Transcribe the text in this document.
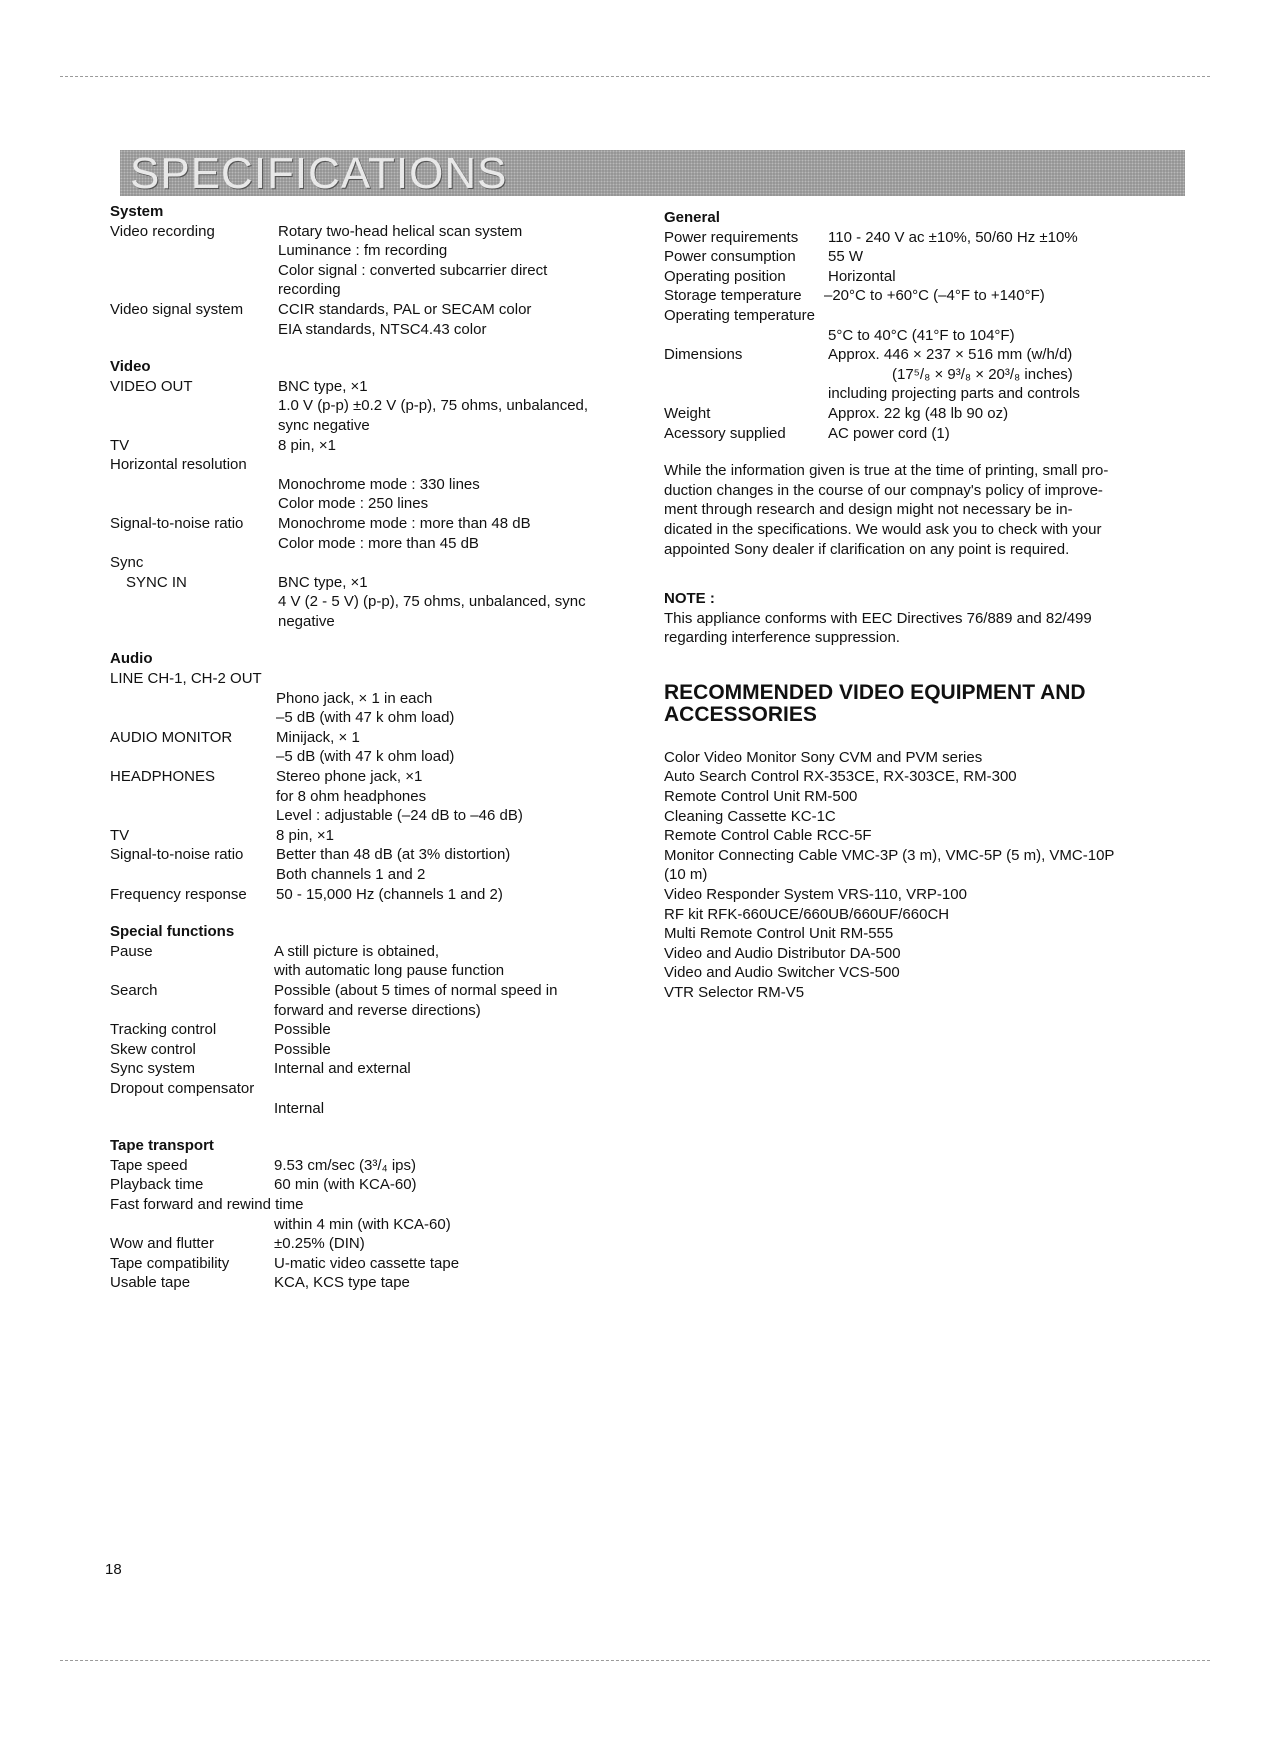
SPECIFICATIONS
System
Video recording	Rotary two-head helical scan system
Luminance : fm recording
Color signal : converted subcarrier direct
recording
Video signal system	CCIR standards, PAL or SECAM color
EIA standards, NTSC4.43 color
Video
VIDEO OUT	BNC type, ×1
1.0 V (p-p) ±0.2 V (p-p), 75 ohms, unbalanced,
sync negative
TV	8 pin, ×1
Horizontal resolution
Monochrome mode : 330 lines
Color mode : 250 lines
Signal-to-noise ratio	Monochrome mode : more than 48 dB
Color mode : more than 45 dB
Sync
SYNC IN	BNC type, ×1
4 V (2 - 5 V) (p-p), 75 ohms, unbalanced, sync
negative
Audio
LINE CH-1, CH-2 OUT
Phono jack, × 1 in each
–5 dB (with 47 k ohm load)
AUDIO MONITOR	Minijack, × 1
–5 dB (with 47 k ohm load)
HEADPHONES	Stereo phone jack, ×1
for 8 ohm headphones
Level : adjustable (–24 dB to –46 dB)
TV	8 pin, ×1
Signal-to-noise ratio	Better than 48 dB (at 3% distortion)
Both channels 1 and 2
Frequency response	50 - 15,000 Hz (channels 1 and 2)
Special functions
Pause	A still picture is obtained,
with automatic long pause function
Search	Possible (about 5 times of normal speed in
forward and reverse directions)
Tracking control	Possible
Skew control	Possible
Sync system	Internal and external
Dropout compensator
Internal
Tape transport
Tape speed	9.53 cm/sec (3³/₄ ips)
Playback time	60 min (with KCA-60)
Fast forward and rewind time
within 4 min (with KCA-60)
Wow and flutter	±0.25% (DIN)
Tape compatibility	U-matic video cassette tape
Usable tape	KCA, KCS type tape
General
Power requirements	110 - 240 V ac ±10%, 50/60 Hz ±10%
Power consumption	55 W
Operating position	Horizontal
Storage temperature	–20°C to +60°C (–4°F to +140°F)
Operating temperature
5°C to 40°C (41°F to 104°F)
Dimensions	Approx. 446 × 237 × 516 mm (w/h/d)
(17⁵/₈ × 9³/₈ × 20³/₈ inches)
including projecting parts and controls
Weight	Approx. 22 kg (48 lb 90 oz)
Acessory supplied	AC power cord (1)
While the information given is true at the time of printing, small pro-
duction changes in the course of our compnay's policy of improve-
ment through research and design might not necessary be in-
dicated in the specifications. We would ask you to check with your
appointed Sony dealer if clarification on any point is required.
NOTE :
This appliance conforms with EEC Directives 76/889 and 82/499
regarding interference suppression.
RECOMMENDED VIDEO EQUIPMENT AND
ACCESSORIES
Color Video Monitor Sony CVM and PVM series
Auto Search Control RX-353CE, RX-303CE, RM-300
Remote Control Unit RM-500
Cleaning Cassette KC-1C
Remote Control Cable RCC-5F
Monitor Connecting Cable VMC-3P (3 m), VMC-5P (5 m), VMC-10P
(10 m)
Video Responder System VRS-110, VRP-100
RF kit RFK-660UCE/660UB/660UF/660CH
Multi Remote Control Unit RM-555
Video and Audio Distributor DA-500
Video and Audio Switcher VCS-500
VTR Selector RM-V5
18
